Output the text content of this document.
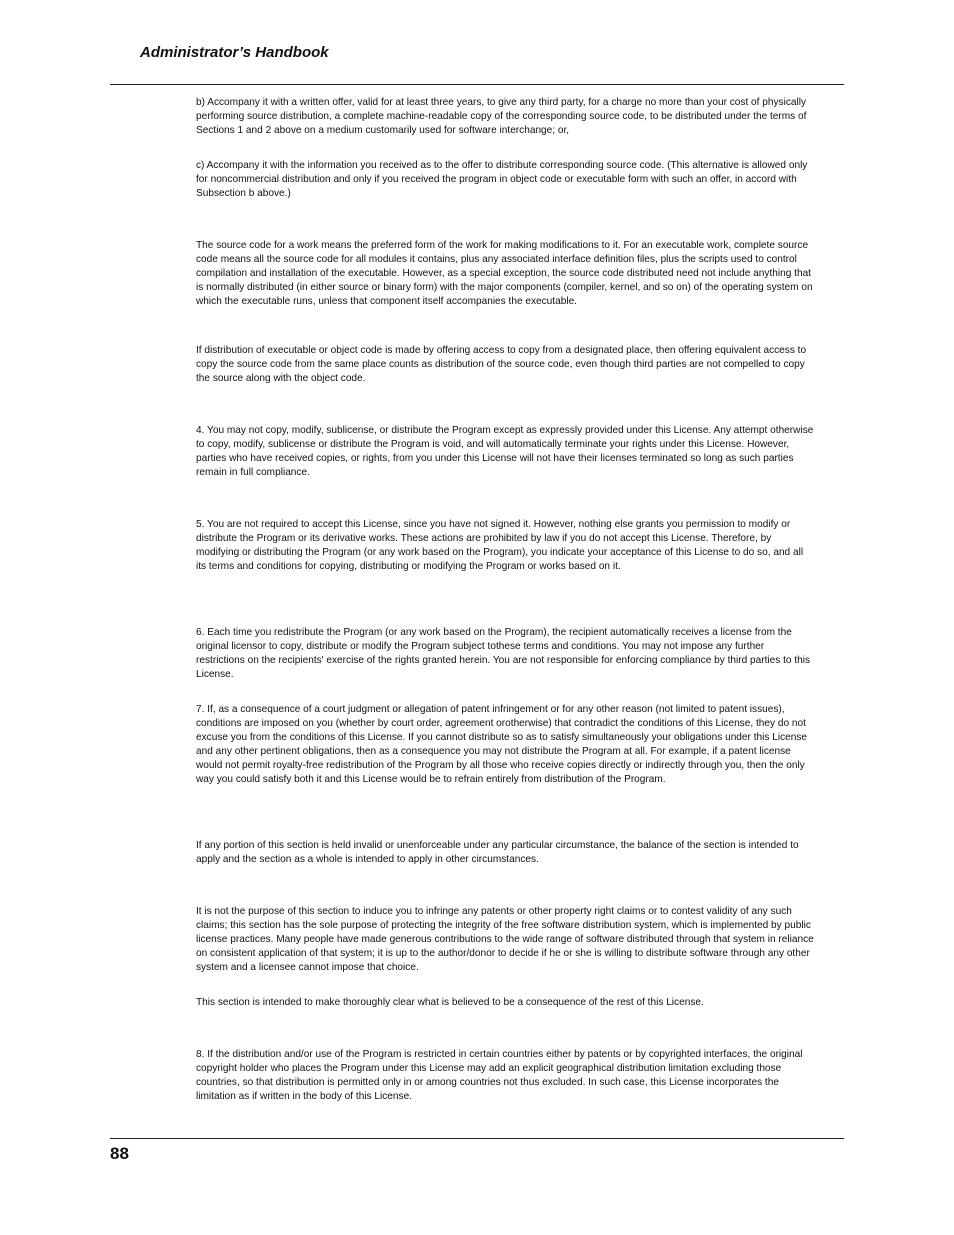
Administrator’s Handbook

b) Accompany it with a written offer, valid for at least three years, to give any third party, for a charge no more than your cost of physically performing source distribution, a complete machine-readable copy of the corresponding source code, to be distributed under the terms of Sections 1 and 2 above on a medium customarily used for software interchange; or,

c) Accompany it with the information you received as to the offer to distribute corresponding source code. (This alternative is allowed only for noncommercial distribution and only if you received the program in object code or executable form with such an offer, in accord with Subsection b above.)

The source code for a work means the preferred form of the work for making modifications to it. For an executable work, complete source code means all the source code for all modules it contains, plus any associated interface definition files, plus the scripts used to control compilation and installation of the executable. However, as a special exception, the source code distributed need not include anything that is normally distributed (in either source or binary form) with the major components (compiler, kernel, and so on) of the operating system on which the executable runs, unless that component itself accompanies the executable.

If distribution of executable or object code is made by offering access to copy from a designated place, then offering equivalent access to copy the source code from the same place counts as distribution of the source code, even though third parties are not compelled to copy the source along with the object code.

4. You may not copy, modify, sublicense, or distribute the Program except as expressly provided under this License. Any attempt otherwise to copy, modify, sublicense or distribute the Program is void, and will automatically terminate your rights under this License. However, parties who have received copies, or rights, from you under this License will not have their licenses terminated so long as such parties remain in full compliance.

5. You are not required to accept this License, since you have not signed it. However, nothing else grants you permission to modify or distribute the Program or its derivative works. These actions are prohibited by law if you do not accept this License. Therefore, by modifying or distributing the Program (or any work based on the Program), you indicate your acceptance of this License to do so, and all its terms and conditions for copying, distributing or modifying the Program or works based on it.

6. Each time you redistribute the Program (or any work based on the Program), the recipient automatically receives a license from the original licensor to copy, distribute or modify the Program subject tothese terms and conditions. You may not impose any further restrictions on the recipients' exercise of the rights granted herein. You are not responsible for enforcing compliance by third parties to this License.

7. If, as a consequence of a court judgment or allegation of patent infringement or for any other reason (not limited to patent issues), conditions are imposed on you (whether by court order, agreement orotherwise) that contradict the conditions of this License, they do not excuse you from the conditions of this License. If you cannot distribute so as to satisfy simultaneously your obligations under this License and any other pertinent obligations, then as a consequence you may not distribute the Program at all. For example, if a patent license would not permit royalty-free redistribution of the Program by all those who receive copies directly or indirectly through you, then the only way you could satisfy both it and this License would be to refrain entirely from distribution of the Program.

If any portion of this section is held invalid or unenforceable under any particular circumstance, the balance of the section is intended to apply and the section as a whole is intended to apply in other circumstances.

It is not the purpose of this section to induce you to infringe any patents or other property right claims or to contest validity of any such claims; this section has the sole purpose of protecting the integrity of the free software distribution system, which is implemented by public license practices. Many people have made generous contributions to the wide range of software distributed through that system in reliance on consistent application of that system; it is up to the author/donor to decide if he or she is willing to distribute software through any other system and a licensee cannot impose that choice.

This section is intended to make thoroughly clear what is believed to be a consequence of the rest of this License.

8. If the distribution and/or use of the Program is restricted in certain countries either by patents or by copyrighted interfaces, the original copyright holder who places the Program under this License may add an explicit geographical distribution limitation excluding those countries, so that distribution is permitted only in or among countries not thus excluded. In such case, this License incorporates the limitation as if written in the body of this License.

88
